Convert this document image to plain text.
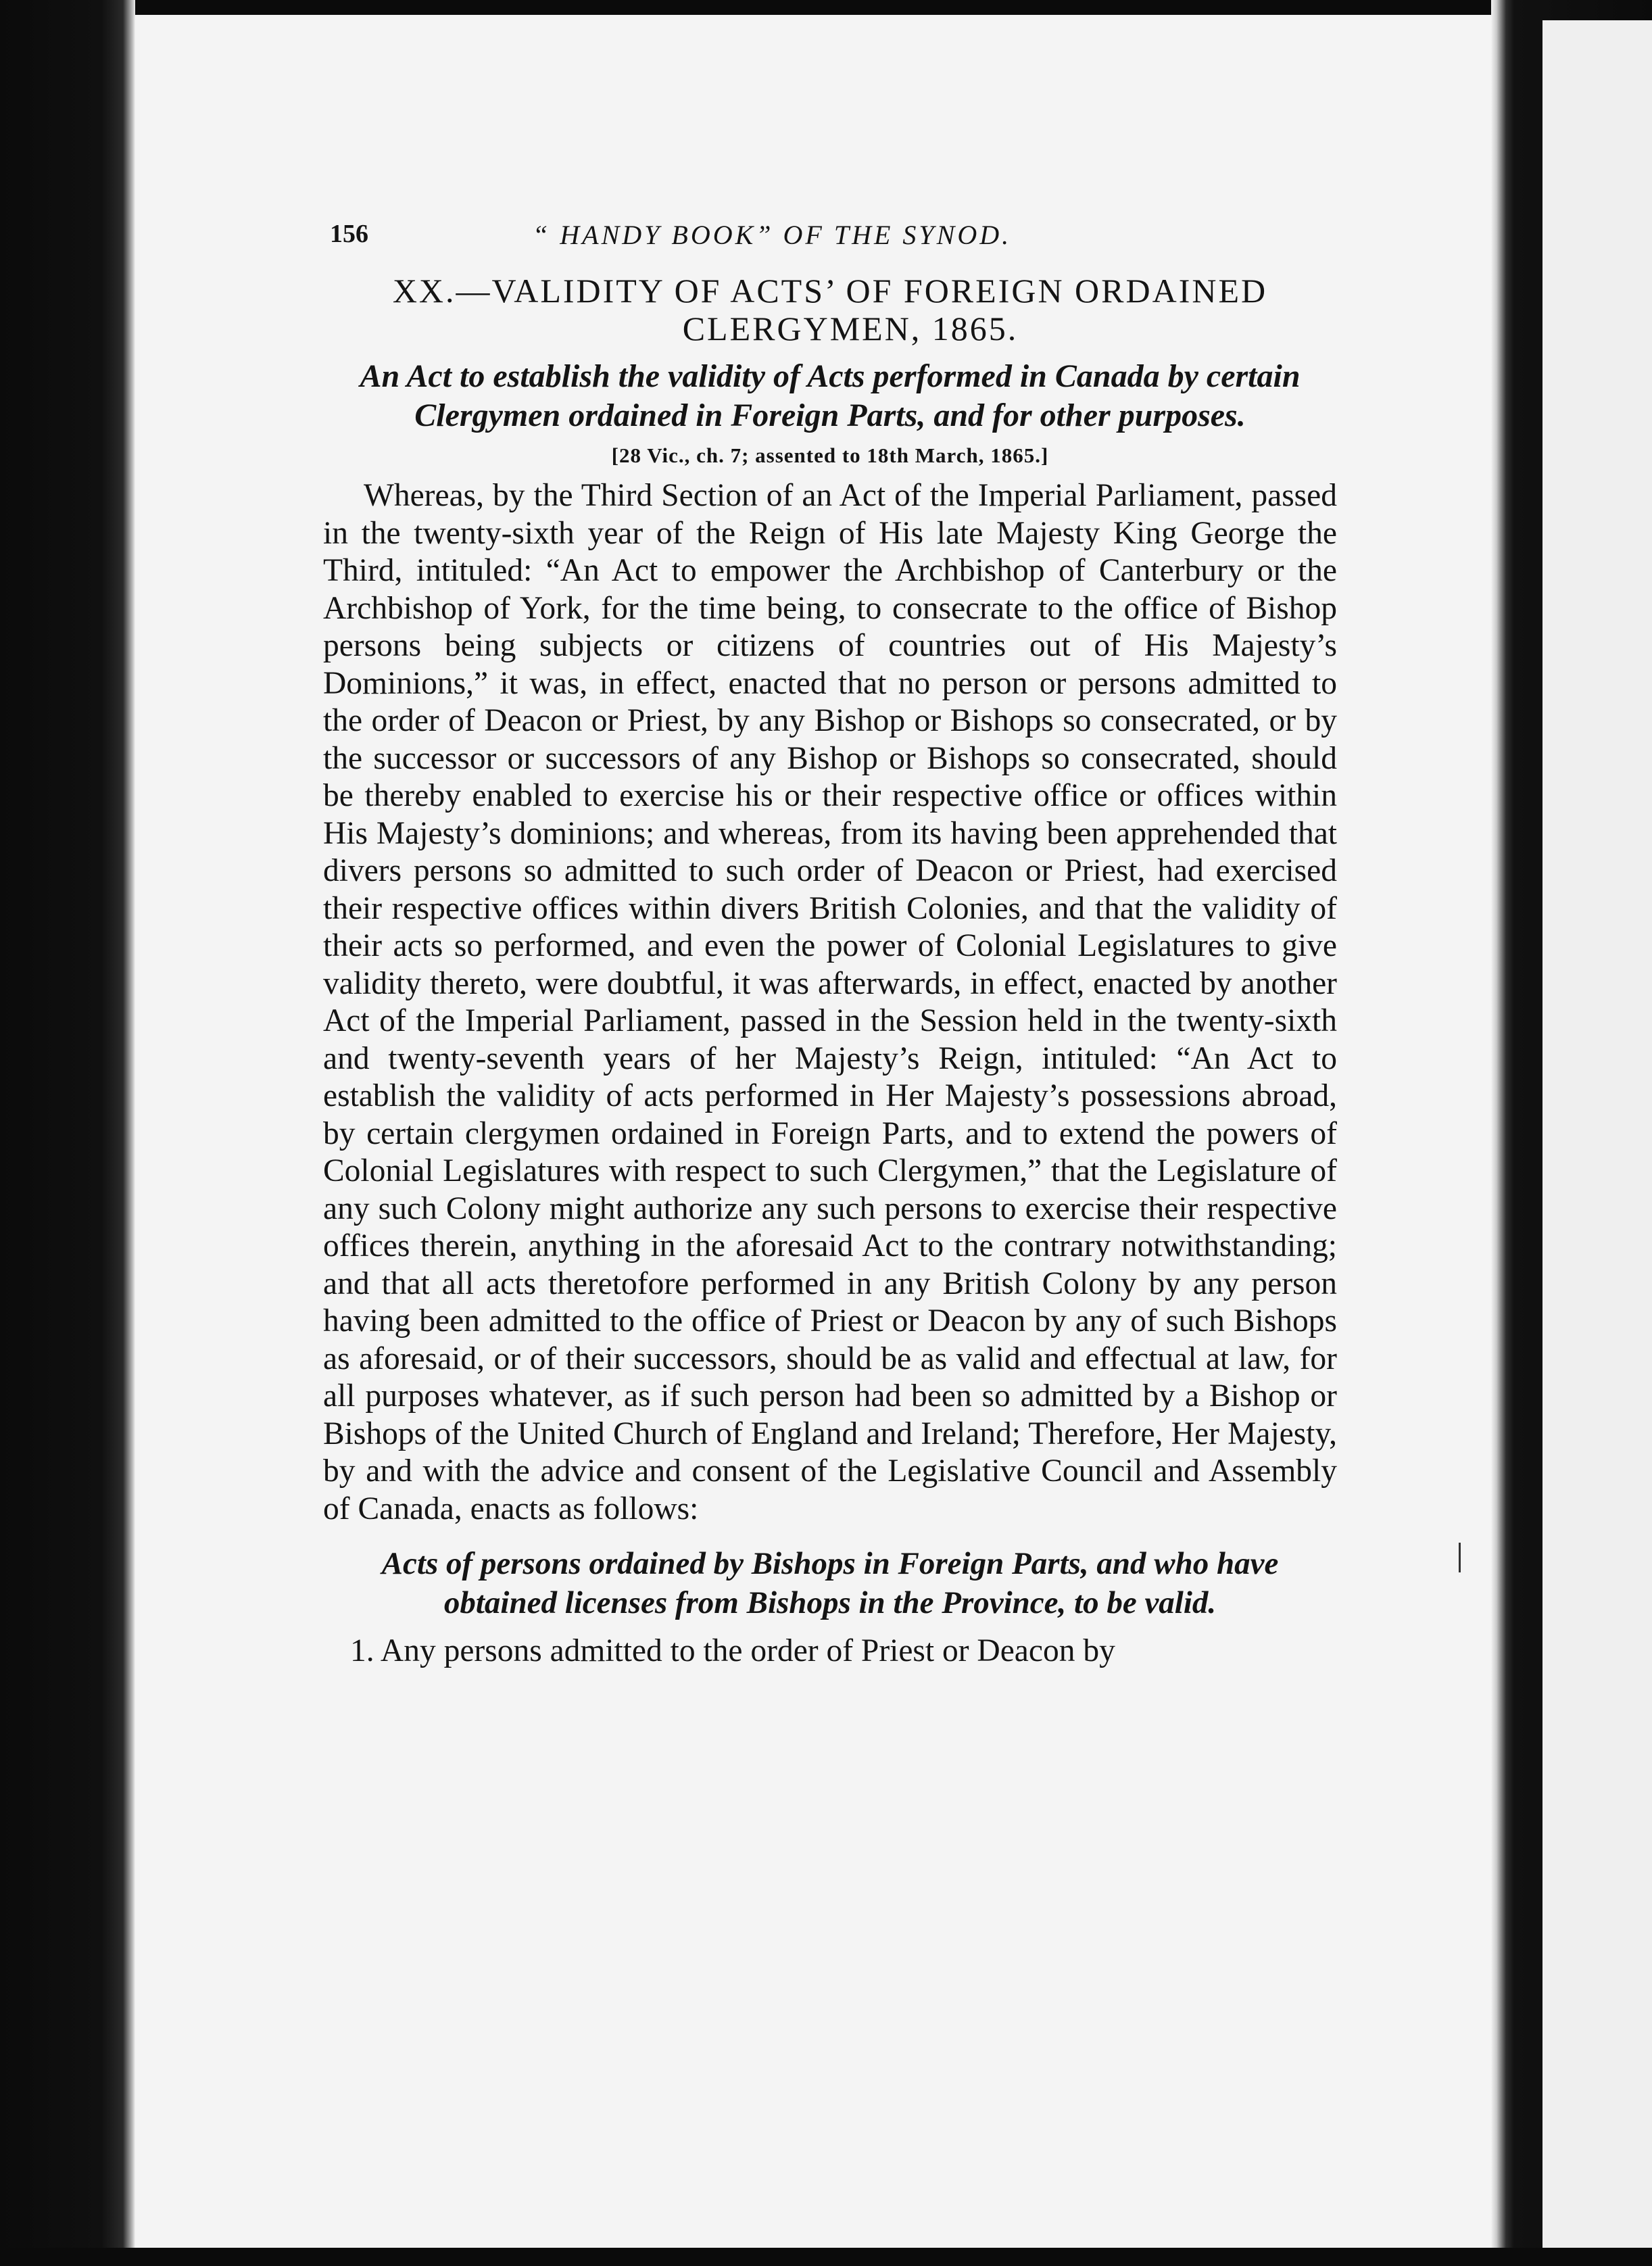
156	“ HANDY BOOK” OF THE SYNOD.
XX.—VALIDITY OF ACTS’ OF FOREIGN ORDAINED CLERGYMEN, 1865.
An Act to establish the validity of Acts performed in Canada by certain Clergymen ordained in Foreign Parts, and for other purposes.
[28 Vic., ch. 7; assented to 18th March, 1865.]

Whereas, by the Third Section of an Act of the Imperial Parliament, passed in the twenty-sixth year of the Reign of His late Majesty King George the Third, intituled: “An Act to empower the Archbishop of Canterbury or the Archbishop of York, for the time being, to consecrate to the office of Bishop persons being subjects or citizens of countries out of His Majesty’s Dominions,” it was, in effect, enacted that no person or persons admitted to the order of Deacon or Priest, by any Bishop or Bishops so consecrated, or by the successor or successors of any Bishop or Bishops so consecrated, should be thereby enabled to exercise his or their respective office or offices within His Majesty’s dominions; and whereas, from its having been apprehended that divers persons so admitted to such order of Deacon or Priest, had exercised their respective offices within divers British Colonies, and that the validity of their acts so performed, and even the power of Colonial Legislatures to give validity thereto, were doubtful, it was afterwards, in effect, enacted by another Act of the Imperial Parliament, passed in the Session held in the twenty-sixth and twenty-seventh years of her Majesty’s Reign, intituled: “An Act to establish the validity of acts performed in Her Majesty’s possessions abroad, by certain clergymen ordained in Foreign Parts, and to extend the powers of Colonial Legislatures with respect to such Clergymen,” that the Legislature of any such Colony might authorize any such persons to exercise their respective offices therein, anything in the aforesaid Act to the contrary notwithstanding; and that all acts theretofore performed in any British Colony by any person having been admitted to the office of Priest or Deacon by any of such Bishops as aforesaid, or of their successors, should be as valid and effectual at law, for all purposes whatever, as if such person had been so admitted by a Bishop or Bishops of the United Church of England and Ireland; Therefore, Her Majesty, by and with the advice and consent of the Legislative Council and Assembly of Canada, enacts as follows:

Acts of persons ordained by Bishops in Foreign Parts, and who have obtained licenses from Bishops in the Province, to be valid.

1. Any persons admitted to the order of Priest or Deacon by
